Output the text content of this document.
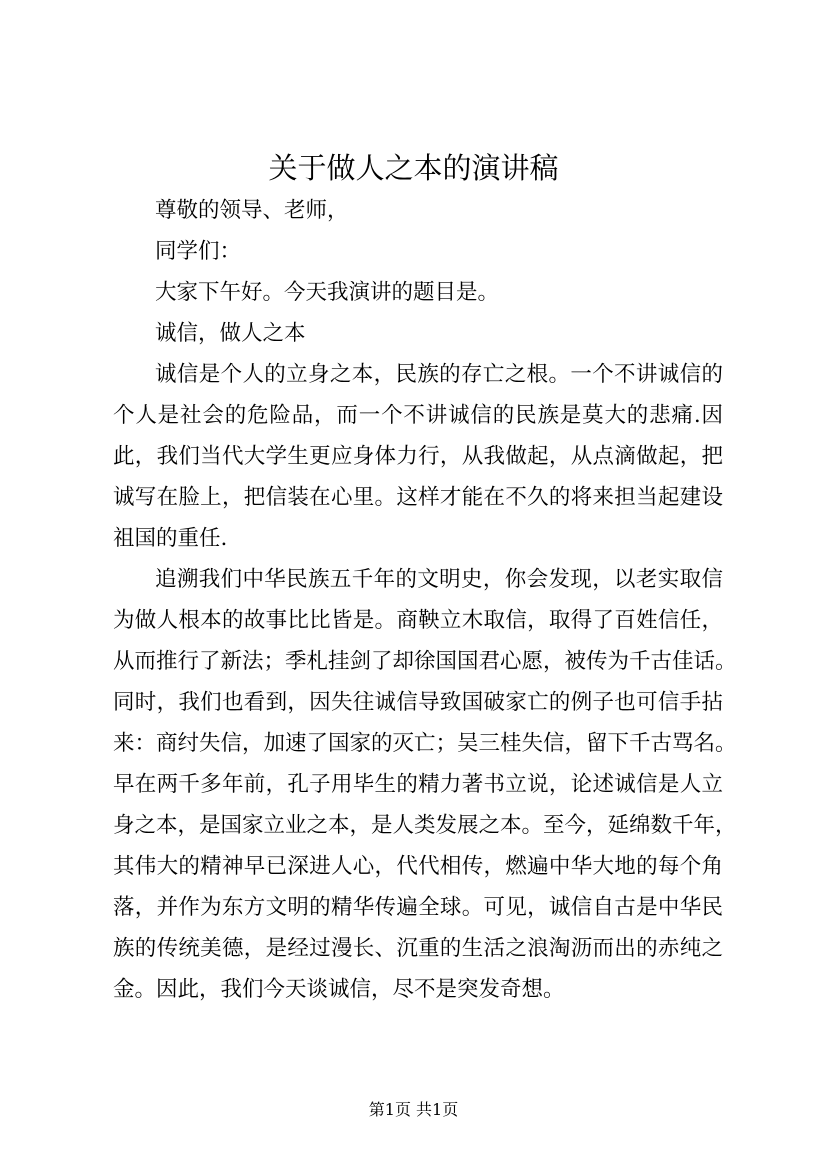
关于做人之本的演讲稿

尊敬的领导、老师，

同学们：

大家下午好。今天我演讲的题目是。

诚信，做人之本

诚信是个人的立身之本，民族的存亡之根。一个不讲诚信的

个人是社会的危险品，而一个不讲诚信的民族是莫大的悲痛.因

此，我们当代大学生更应身体力行，从我做起，从点滴做起，把

诚写在脸上，把信装在心里。这样才能在不久的将来担当起建设

祖国的重任.

追溯我们中华民族五千年的文明史，你会发现，以老实取信

为做人根本的故事比比皆是。商鞅立木取信，取得了百姓信任，

从而推行了新法；季札挂剑了却徐国国君心愿，被传为千古佳话。

同时，我们也看到，因失往诚信导致国破家亡的例子也可信手拈

来：商纣失信，加速了国家的灭亡；吴三桂失信，留下千古骂名。

早在两千多年前，孔子用毕生的精力著书立说，论述诚信是人立

身之本，是国家立业之本，是人类发展之本。至今，延绵数千年，

其伟大的精神早已深进人心，代代相传，燃遍中华大地的每个角

落，并作为东方文明的精华传遍全球。可见，诚信自古是中华民

族的传统美德，是经过漫长、沉重的生活之浪淘沥而出的赤纯之

金。因此，我们今天谈诚信，尽不是突发奇想。

第1页 共1页
